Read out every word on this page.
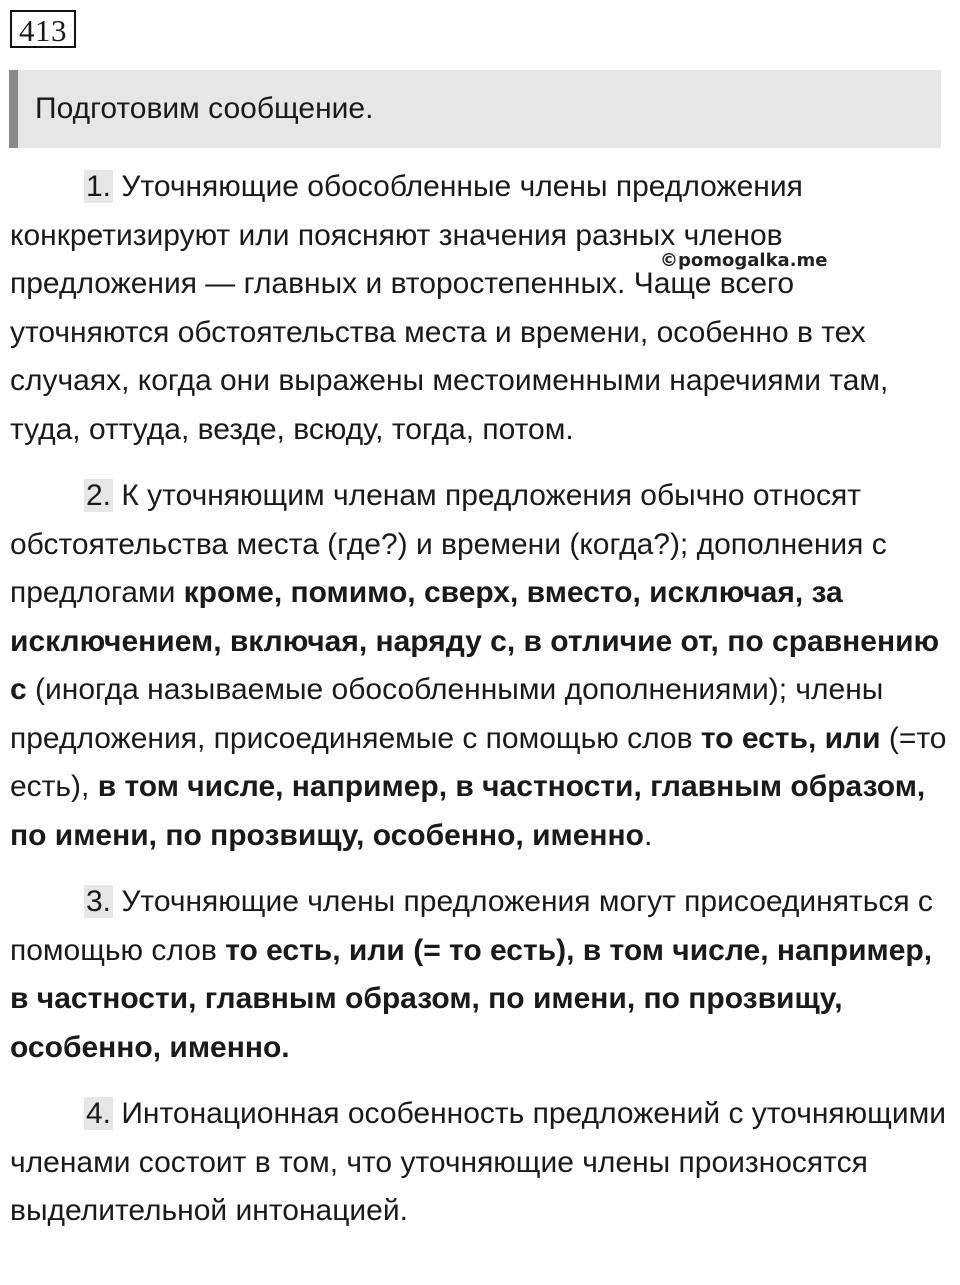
413
Подготовим сообщение.
©pomogalka.me

1. Уточняющие обособленные члены предложения конкретизируют или поясняют значения разных членов предложения — главных и второстепенных. Чаще всего уточняются обстоятельства места и времени, особенно в тех случаях, когда они выражены местоименными наречиями там, туда, оттуда, везде, всюду, тогда, потом.

2. К уточняющим членам предложения обычно относят обстоятельства места (где?) и времени (когда?); дополнения с предлогами кроме, помимо, сверх, вместо, исключая, за исключением, включая, наряду с, в отличие от, по сравнению с (иногда называемые обособленными дополнениями); члены предложения, присоединяемые с помощью слов то есть, или (=то есть), в том числе, например, в частности, главным образом, по имени, по прозвищу, особенно, именно.

3. Уточняющие члены предложения могут присоединяться с помощью слов то есть, или (= то есть), в том числе, например, в частности, главным образом, по имени, по прозвищу, особенно, именно.

4. Интонационная особенность предложений с уточняющими членами состоит в том, что уточняющие члены произносятся выделительной интонацией.
